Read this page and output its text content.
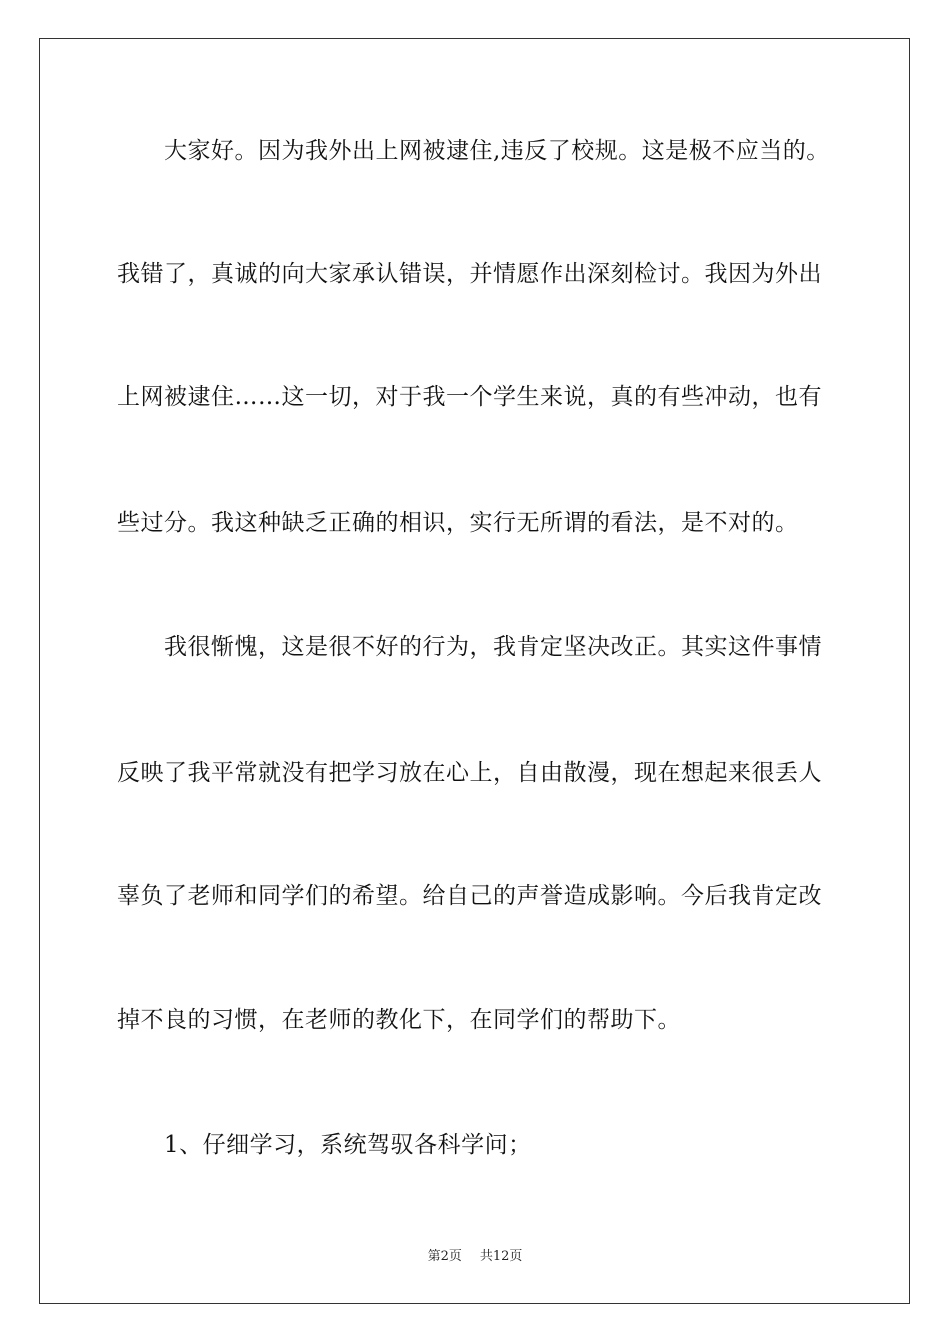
大家好。因为我外出上网被逮住,违反了校规。这是极不应当的。
我错了，真诚的向大家承认错误，并情愿作出深刻检讨。我因为外出
上网被逮住……这一切，对于我一个学生来说，真的有些冲动，也有
些过分。我这种缺乏正确的相识，实行无所谓的看法，是不对的。
我很惭愧，这是很不好的行为，我肯定坚决改正。其实这件事情
反映了我平常就没有把学习放在心上，自由散漫，现在想起来很丢人
辜负了老师和同学们的希望。给自己的声誉造成影响。今后我肯定改
掉不良的习惯，在老师的教化下，在同学们的帮助下。
1、仔细学习，系统驾驭各科学问；
第2页 共12页
